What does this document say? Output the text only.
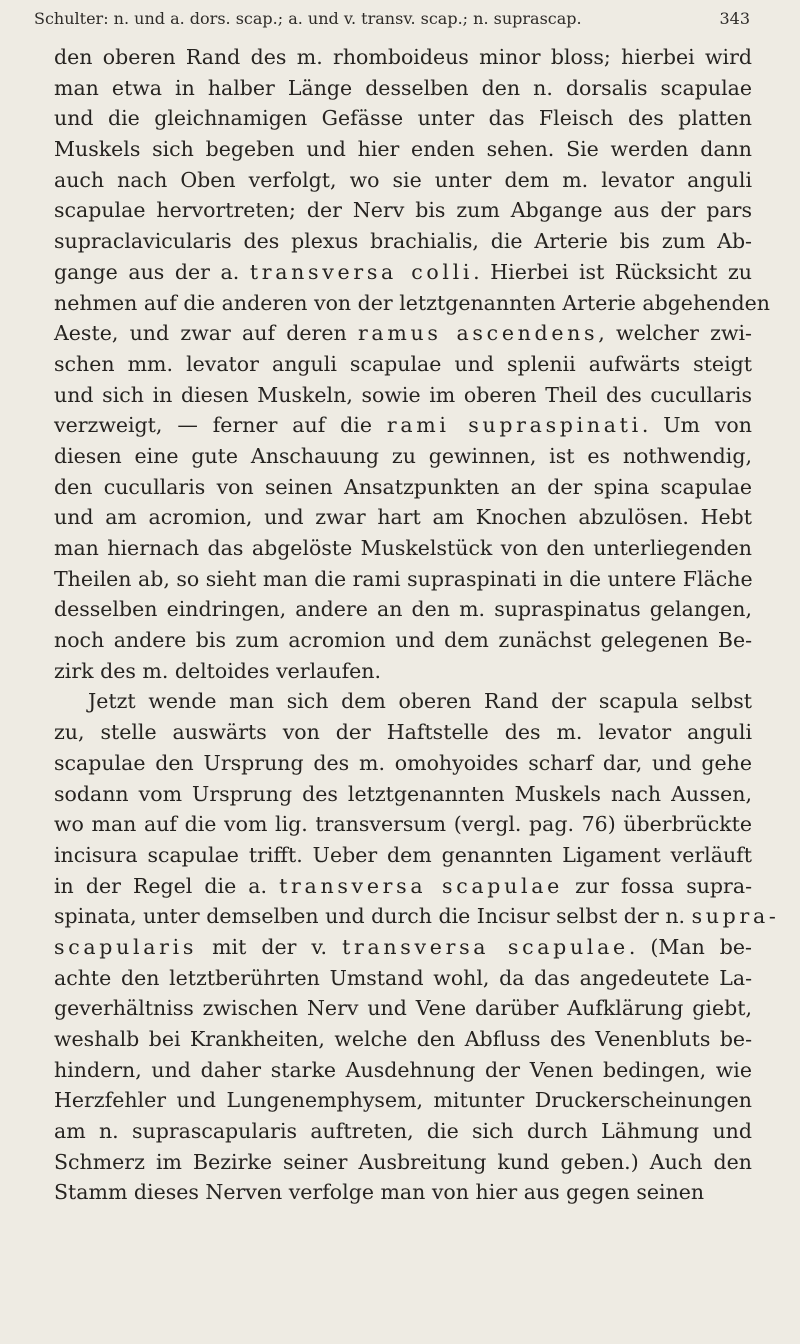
Schulter: n. und a. dors. scap.; a. und v. transv. scap.; n. suprascap.	343
den oberen Rand des m. rhomboideus minor bloss; hierbei wird
man etwa in halber Länge desselben den n. dorsalis scapulae
und die gleichnamigen Gefässe unter das Fleisch des platten
Muskels sich begeben und hier enden sehen. Sie werden dann
auch nach Oben verfolgt, wo sie unter dem m. levator anguli
scapulae hervortreten; der Nerv bis zum Abgange aus der pars
supraclavicularis des plexus brachialis, die Arterie bis zum Ab-
gange aus der a. transversa colli. Hierbei ist Rücksicht zu
nehmen auf die anderen von der letztgenannten Arterie abgehenden
Aeste, und zwar auf deren ramus ascendens, welcher zwi-
schen mm. levator anguli scapulae und splenii aufwärts steigt
und sich in diesen Muskeln, sowie im oberen Theil des cucullaris
verzweigt, — ferner auf die rami supraspinati. Um von
diesen eine gute Anschauung zu gewinnen, ist es nothwendig,
den cucullaris von seinen Ansatzpunkten an der spina scapulae
und am acromion, und zwar hart am Knochen abzulösen. Hebt
man hiernach das abgelöste Muskelstück von den unterliegenden
Theilen ab, so sieht man die rami supraspinati in die untere Fläche
desselben eindringen, andere an den m. supraspinatus gelangen,
noch andere bis zum acromion und dem zunächst gelegenen Be-
zirk des m. deltoides verlaufen.
Jetzt wende man sich dem oberen Rand der scapula selbst
zu, stelle auswärts von der Haftstelle des m. levator anguli
scapulae den Ursprung des m. omohyoides scharf dar, und gehe
sodann vom Ursprung des letztgenannten Muskels nach Aussen,
wo man auf die vom lig. transversum (vergl. pag. 76) überbrückte
incisura scapulae trifft. Ueber dem genannten Ligament verläuft
in der Regel die a. transversa scapulae zur fossa supra-
spinata, unter demselben und durch die Incisur selbst der n. supra-
scapularis mit der v. transversa scapulae. (Man be-
achte den letztberührten Umstand wohl, da das angedeutete La-
geverhältniss zwischen Nerv und Vene darüber Aufklärung giebt,
weshalb bei Krankheiten, welche den Abfluss des Venenbluts be-
hindern, und daher starke Ausdehnung der Venen bedingen, wie
Herzfehler und Lungenemphysem, mitunter Druckerscheinungen
am n. suprascapularis auftreten, die sich durch Lähmung und
Schmerz im Bezirke seiner Ausbreitung kund geben.) Auch den
Stamm dieses Nerven verfolge man von hier aus gegen seinen
